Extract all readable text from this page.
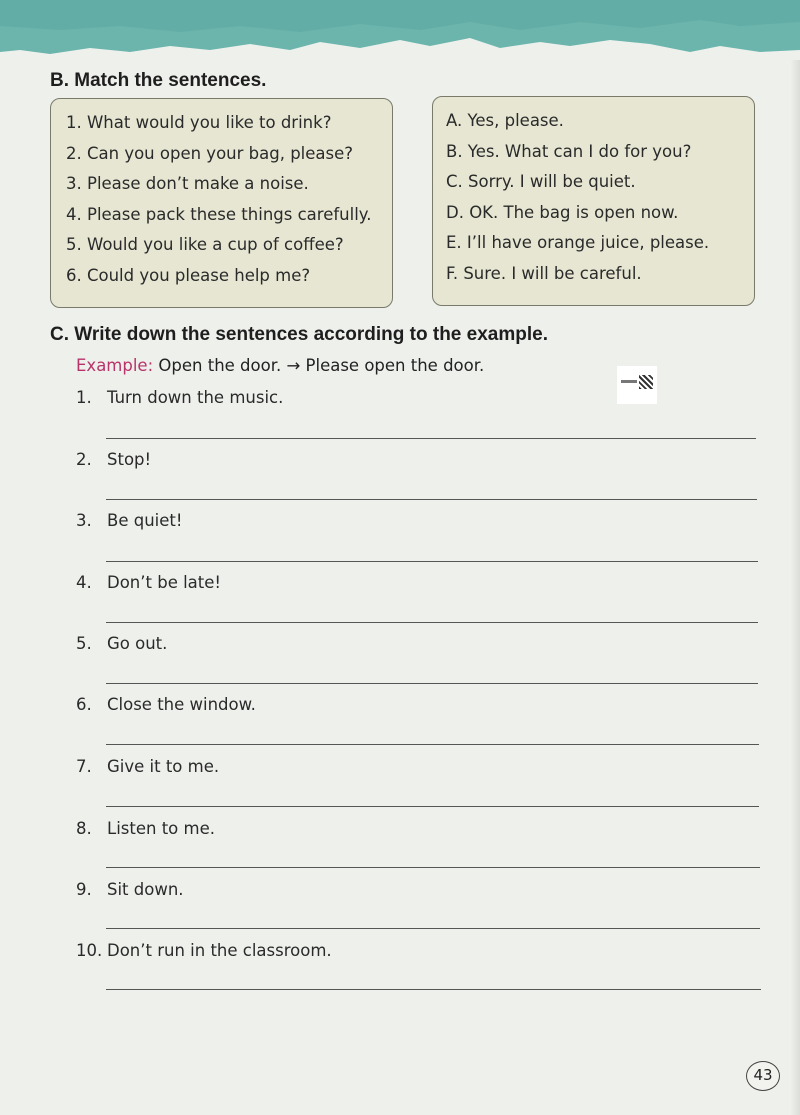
B. Match the sentences.
1. What would you like to drink?
2. Can you open your bag, please?
3. Please don’t make a noise.
4. Please pack these things carefully.
5. Would you like a cup of coffee?
6. Could you please help me?
A. Yes, please.
B. Yes. What can I do for you?
C. Sorry. I will be quiet.
D. OK. The bag is open now.
E. I’ll have orange juice, please.
F. Sure. I will be careful.
C. Write down the sentences according to the example.
Example: Open the door. → Please open the door.
1. Turn down the music.
2. Stop!
3. Be quiet!
4. Don’t be late!
5. Go out.
6. Close the window.
7. Give it to me.
8. Listen to me.
9. Sit down.
10. Don’t run in the classroom.
43
